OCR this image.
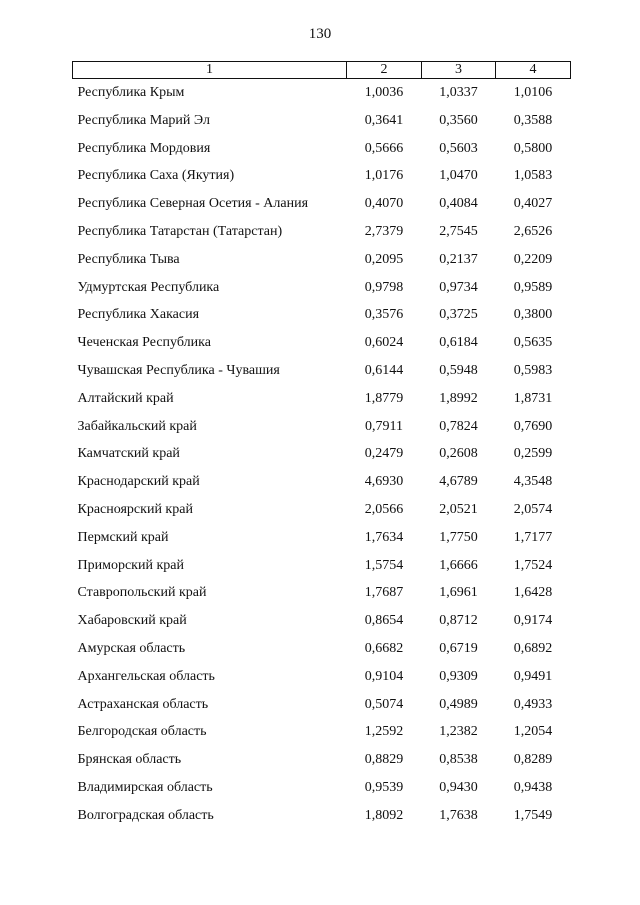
130
1	2	3	4
Республика Крым	1,0036	1,0337	1,0106
Республика Марий Эл	0,3641	0,3560	0,3588
Республика Мордовия	0,5666	0,5603	0,5800
Республика Саха (Якутия)	1,0176	1,0470	1,0583
Республика Северная Осетия - Алания	0,4070	0,4084	0,4027
Республика Татарстан (Татарстан)	2,7379	2,7545	2,6526
Республика Тыва	0,2095	0,2137	0,2209
Удмуртская Республика	0,9798	0,9734	0,9589
Республика Хакасия	0,3576	0,3725	0,3800
Чеченская Республика	0,6024	0,6184	0,5635
Чувашская Республика - Чувашия	0,6144	0,5948	0,5983
Алтайский край	1,8779	1,8992	1,8731
Забайкальский край	0,7911	0,7824	0,7690
Камчатский край	0,2479	0,2608	0,2599
Краснодарский край	4,6930	4,6789	4,3548
Красноярский край	2,0566	2,0521	2,0574
Пермский край	1,7634	1,7750	1,7177
Приморский край	1,5754	1,6666	1,7524
Ставропольский край	1,7687	1,6961	1,6428
Хабаровский край	0,8654	0,8712	0,9174
Амурская область	0,6682	0,6719	0,6892
Архангельская область	0,9104	0,9309	0,9491
Астраханская область	0,5074	0,4989	0,4933
Белгородская область	1,2592	1,2382	1,2054
Брянская область	0,8829	0,8538	0,8289
Владимирская область	0,9539	0,9430	0,9438
Волгоградская область	1,8092	1,7638	1,7549
